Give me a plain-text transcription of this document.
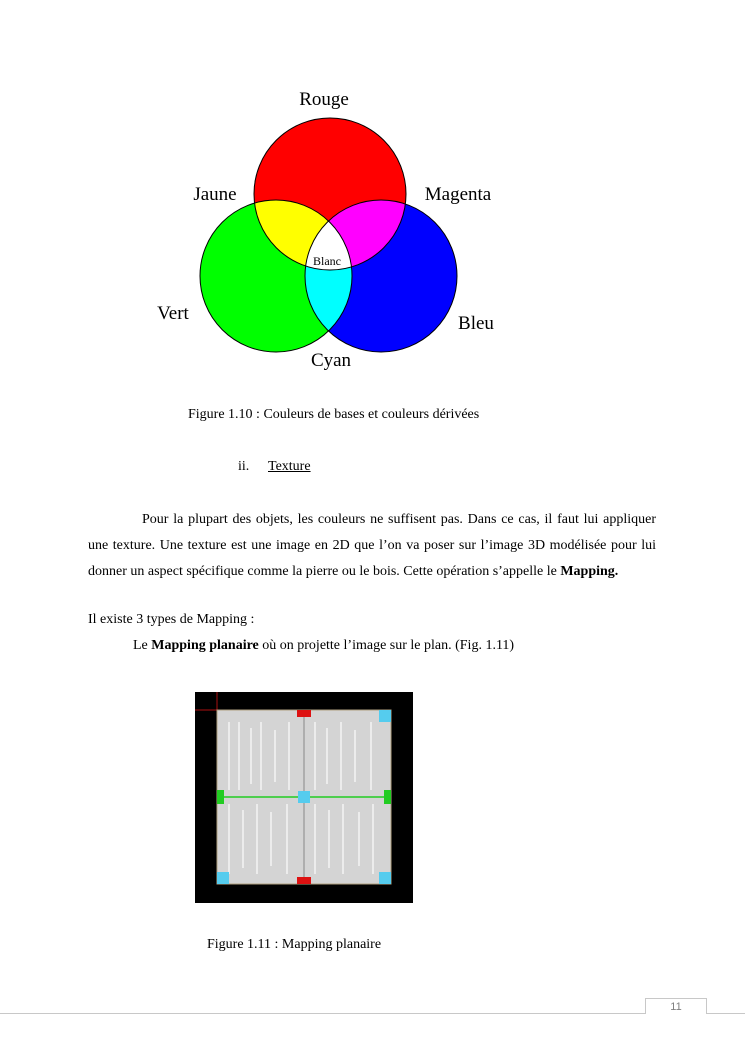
Rouge
Jaune	Magenta
Blanc
Vert	Bleu
Cyan
Figure 1.10 : Couleurs de bases et couleurs dérivées
ii. Texture
Pour la plupart des objets, les couleurs ne suffisent pas. Dans ce cas, il faut lui appliquer une texture. Une texture est une image en 2D que l’on va poser sur l’image 3D modélisée pour lui donner un aspect spécifique comme la pierre ou le bois. Cette opération s’appelle le Mapping.
Il existe 3 types de Mapping :
Le Mapping planaire où on projette l’image sur le plan. (Fig. 1.11)
Figure 1.11 : Mapping planaire
11
